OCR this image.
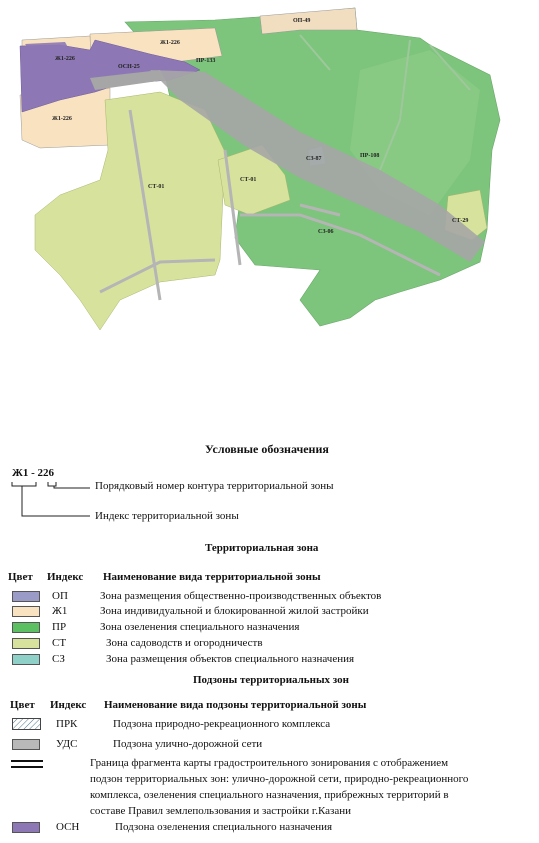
Ж1-226
Ж1-226
Ж1-226
ОП-49
ОСН-25
ПР-133
СТ-01
СТ-01
ПР-108
СЗ-87
СЗ-06
СТ-29
Условные обозначения
Ж1 - 226
Порядковый номер контура территориальной зоны
Индекс территориальной зоны
Территориальная зона
Цвет Индекс Наименование вида территориальной зоны
ОП	Зона размещения общественно-производственных объектов
Ж1	Зона индивидуальной и блокированной жилой застройки
ПР	Зона озеленения специального назначения
СТ	Зона садоводств и огородничеств
СЗ	Зона размещения объектов специального назначения
Подзоны территориальных зон
Цвет Индекс Наименование вида подзоны территориальной зоны
ПРК	Подзона природно-рекреационного комплекса
УДС	Подзона улично-дорожной сети
Граница фрагмента карты градостроительного зонирования с отображением
подзон территориальных зон: улично-дорожной сети, природно-рекреационного
комплекса, озеленения специального назначения, прибрежных территорий в
составе Правил землепользования и застройки г.Казани
ОСН	Подзона озеленения специального назначения
